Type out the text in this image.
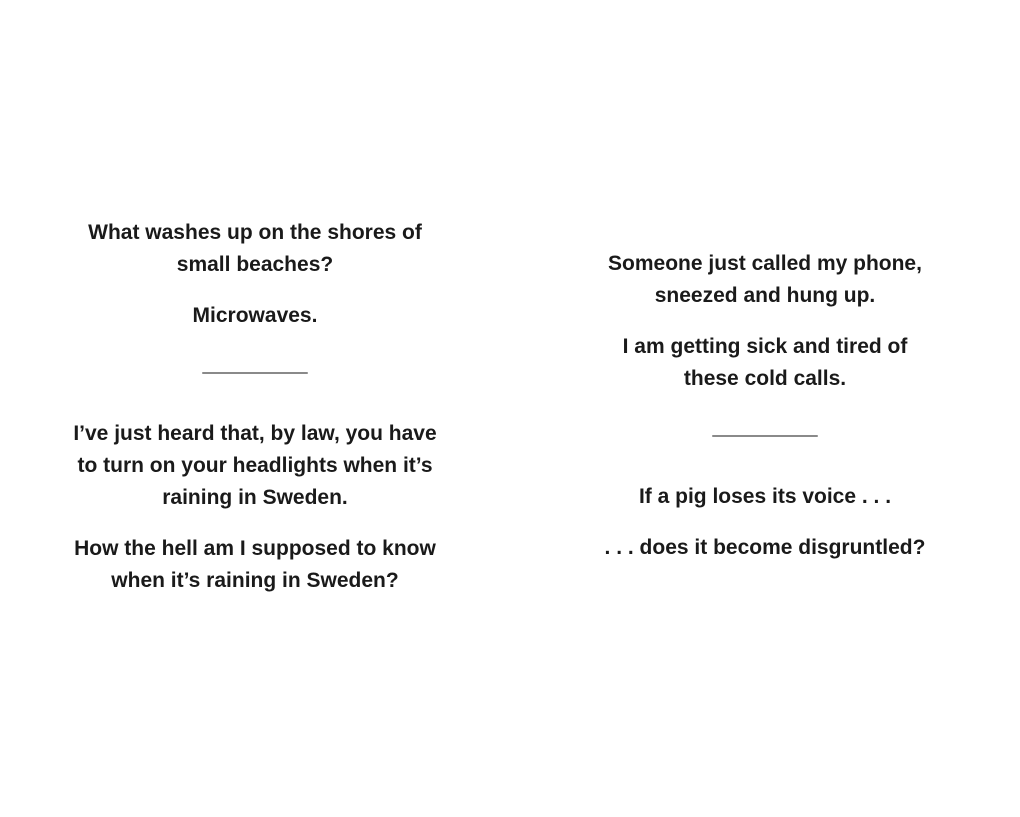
What washes up on the shores of
small beaches?
Microwaves.
I’ve just heard that, by law, you have
to turn on your headlights when it’s
raining in Sweden.
How the hell am I supposed to know
when it’s raining in Sweden?
Someone just called my phone,
sneezed and hung up.
I am getting sick and tired of
these cold calls.
If a pig loses its voice . . .
. . . does it become disgruntled?
